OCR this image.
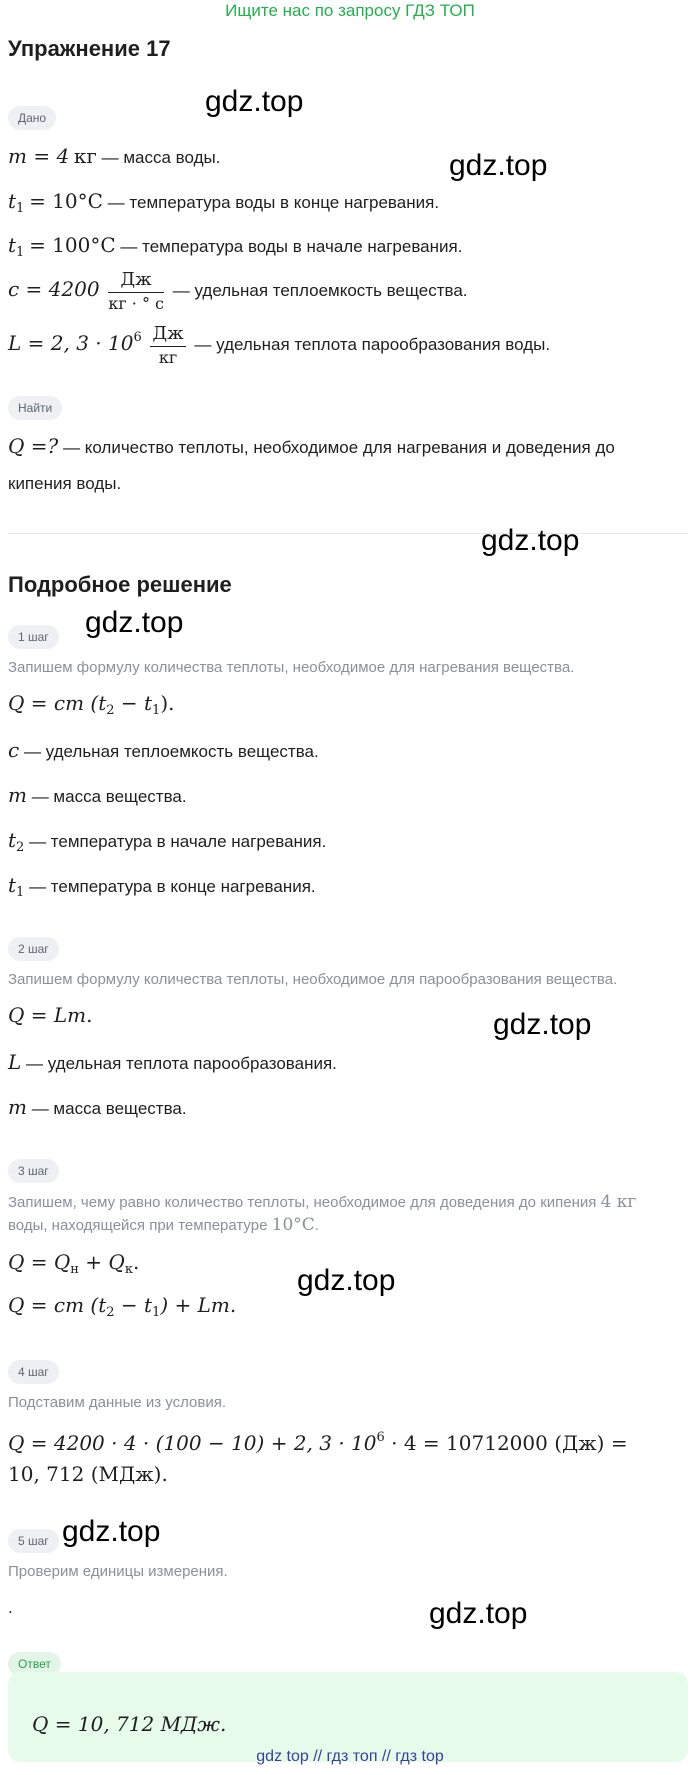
Ищите нас по запросу ГДЗ ТОП
Упражнение 17
Дано
m = 4 кг — масса воды.
$t_1 = 10^\circ C$ — температура воды в конце нагревания.
$t_1 = 100^\circ C$ — температура воды в начале нагревания.
$c = 4200 \frac{Дж}{кг \cdot ^\circ с}$ — удельная теплоемкость вещества.
L = 2, $3 \cdot 10^6 \frac{Дж}{кг}$ — удельная теплота парообразования воды.
Найти
Q =? — количество теплоты, необходимое для нагревания и доведения до
кипения воды.
Подробное решение
1 шаг
Запишем формулу количества теплоты, необходимое для нагревания вещества.
Q = cm $(t_2 - t_1)$.
c — удельная теплоемкость вещества.
m — масса вещества.
$t_2$ — температура в начале нагревания.
$t_1$ — температура в конце нагревания.
2 шаг
Запишем формулу количества теплоты, необходимое для парообразования вещества.
Q = Lm.
L — удельная теплота парообразования.
m — масса вещества.
3 шаг
Запишем, чему равно количество теплоты, необходимое для доведения до кипения 4 кг
воды, находящейся при температуре 10°C.
$Q = Q_н + Q_к$.
Q = cm $(t_2 - t_1) + Lm$.
4 шаг
Подставим данные из условия.
Q = 4200 · 4 · (100 − 10) + 2, $3 \cdot 10^6 \cdot 4 = 10712000$ (Дж) =
10, 712 (МДж).
5 шаг
Проверим единицы измерения.
.
Ответ
Q = 10, 712 МДж.
gdz.top
gdz.top
gdz.top
gdz.top
gdz.top
gdz.top
gdz.top
gdz.top
gdz top // гдз топ // гдз top
